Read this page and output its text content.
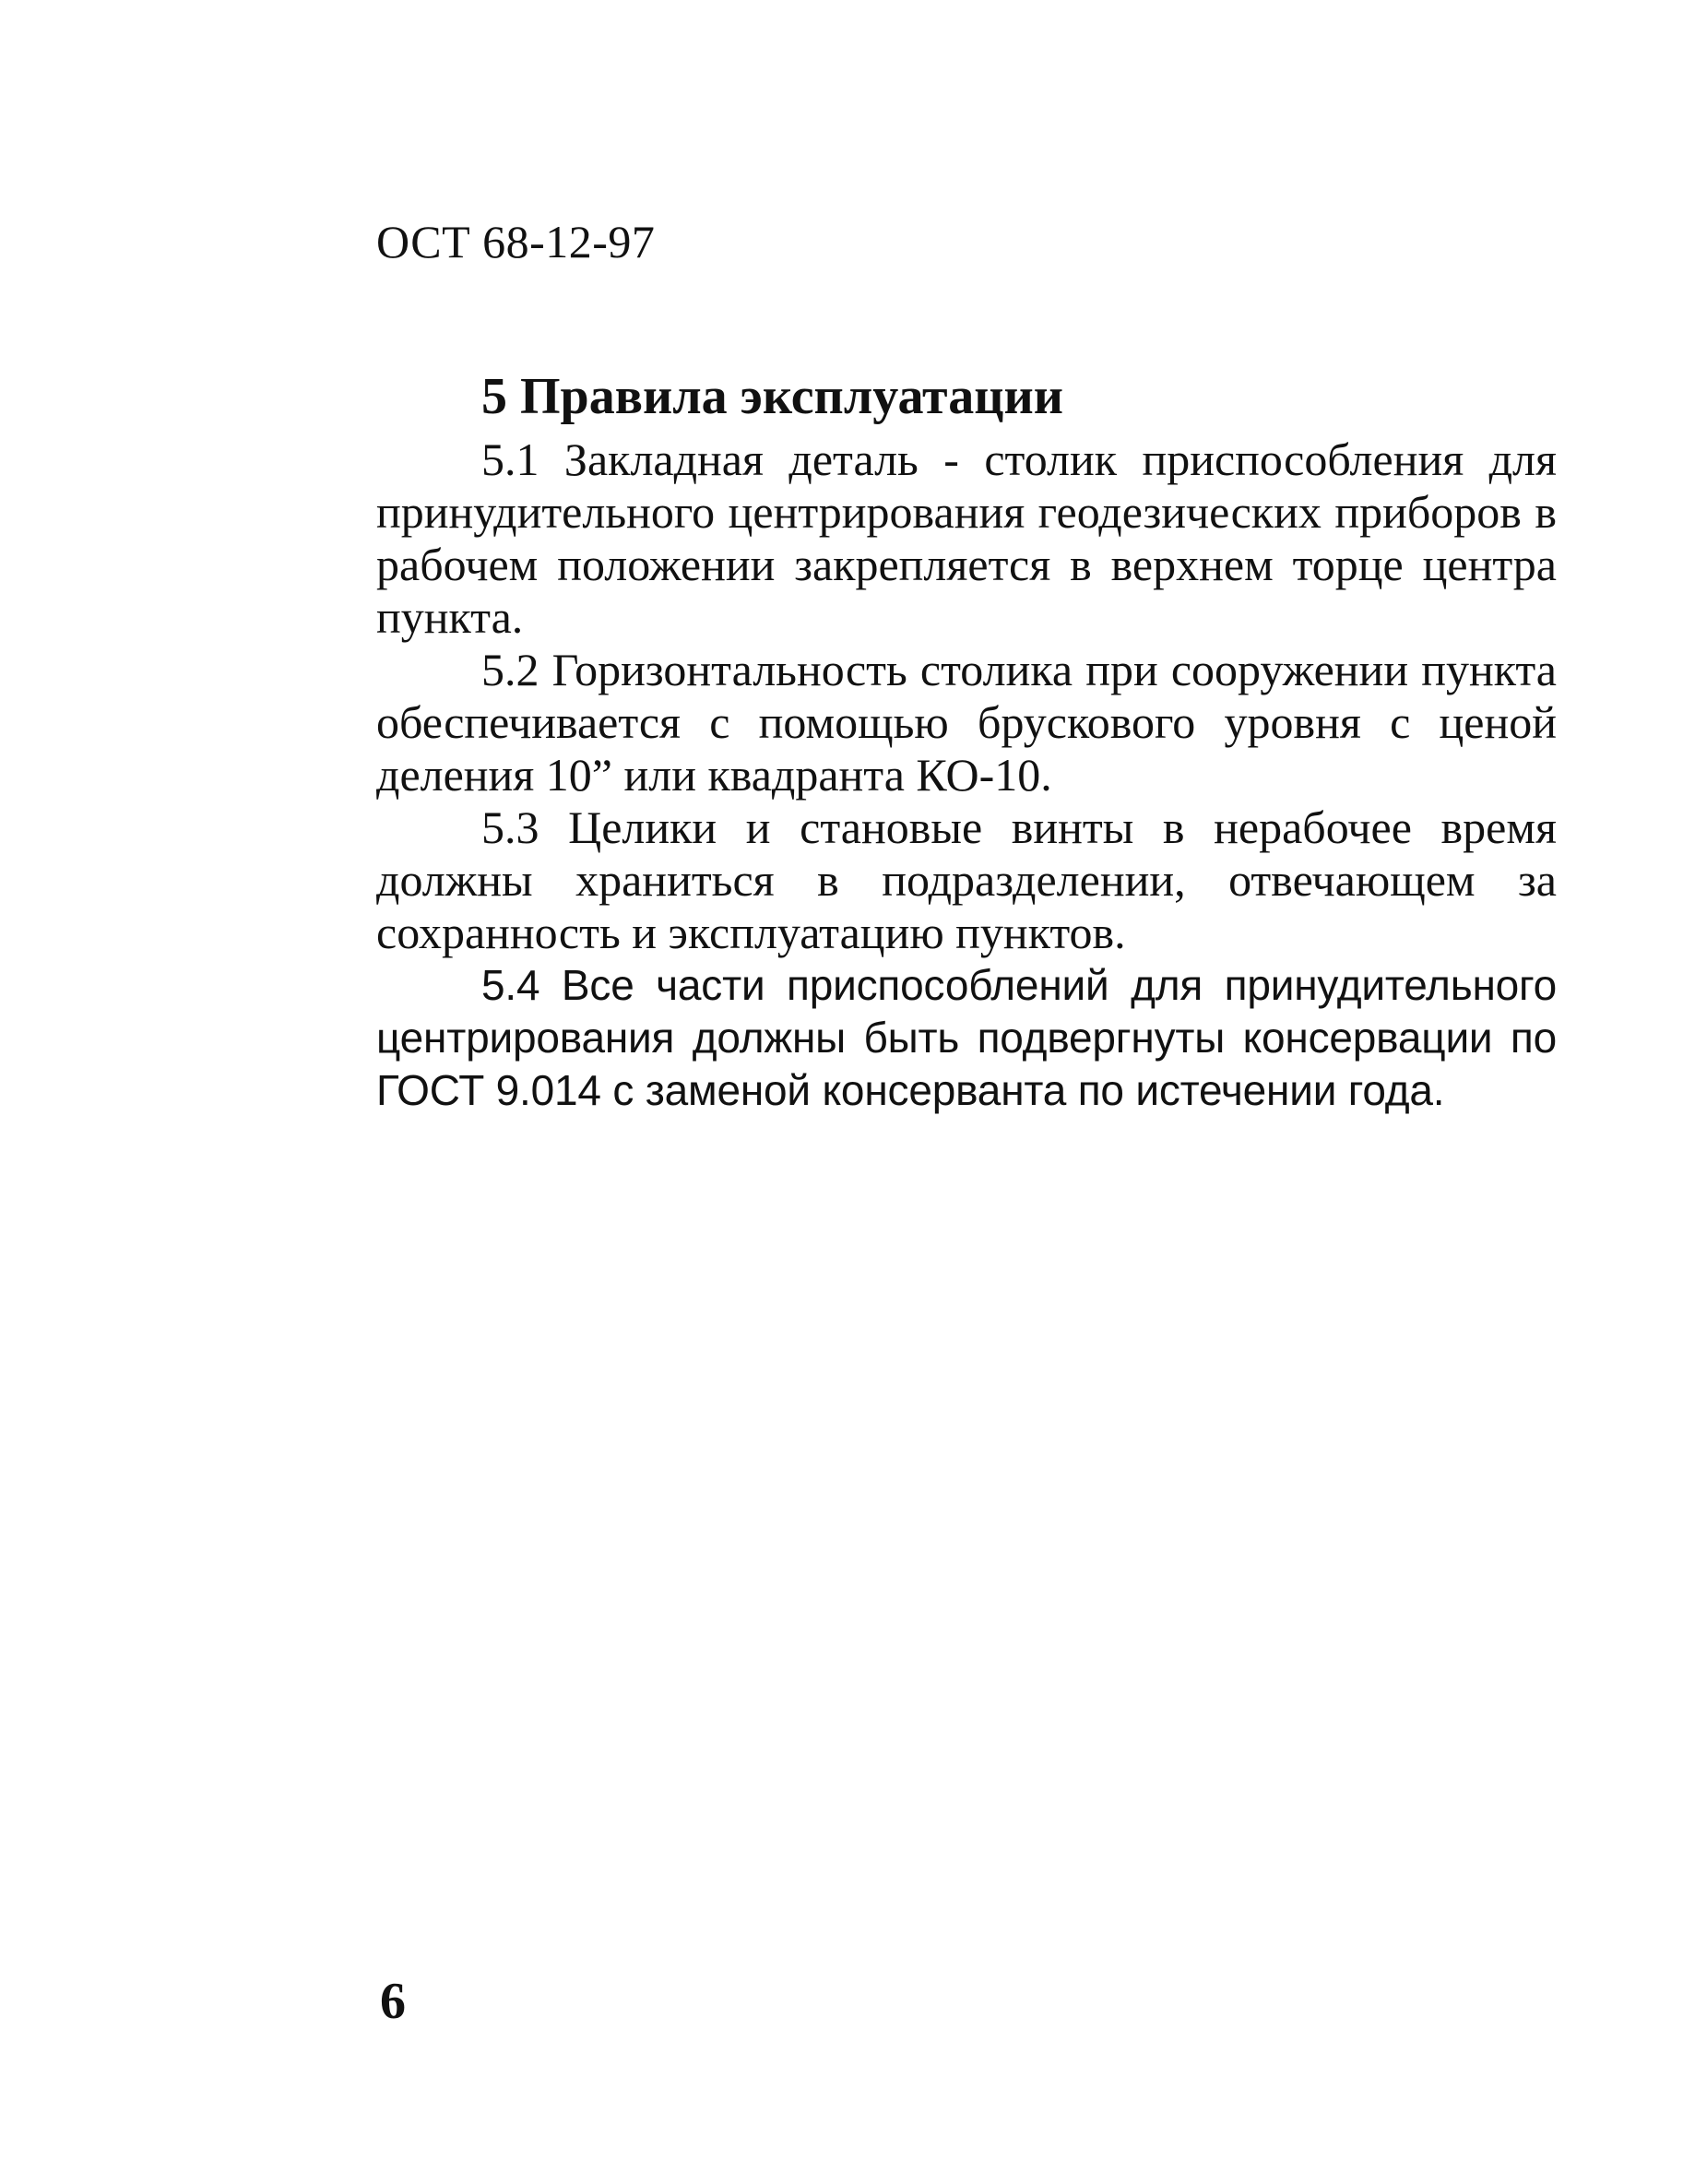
ОСТ 68-12-97
5 Правила эксплуатации

5.1 Закладная деталь - столик приспособления для принудительного центрирования геодезических приборов в рабочем положении закрепляется в верхнем торце центра пункта.

5.2 Горизонтальность столика при сооружении пункта обеспечивается с помощью брускового уровня с ценой деления 10” или квадранта КО-10.

5.3 Целики и становые винты в нерабочее время должны храниться в подразделении, отвечающем за сохранность и эксплуатацию пунктов.

5.4 Все части приспособлений для принудительного центрирования должны быть подвергнуты консервации по ГОСТ 9.014 с заменой консерванта по истечении года.

6
